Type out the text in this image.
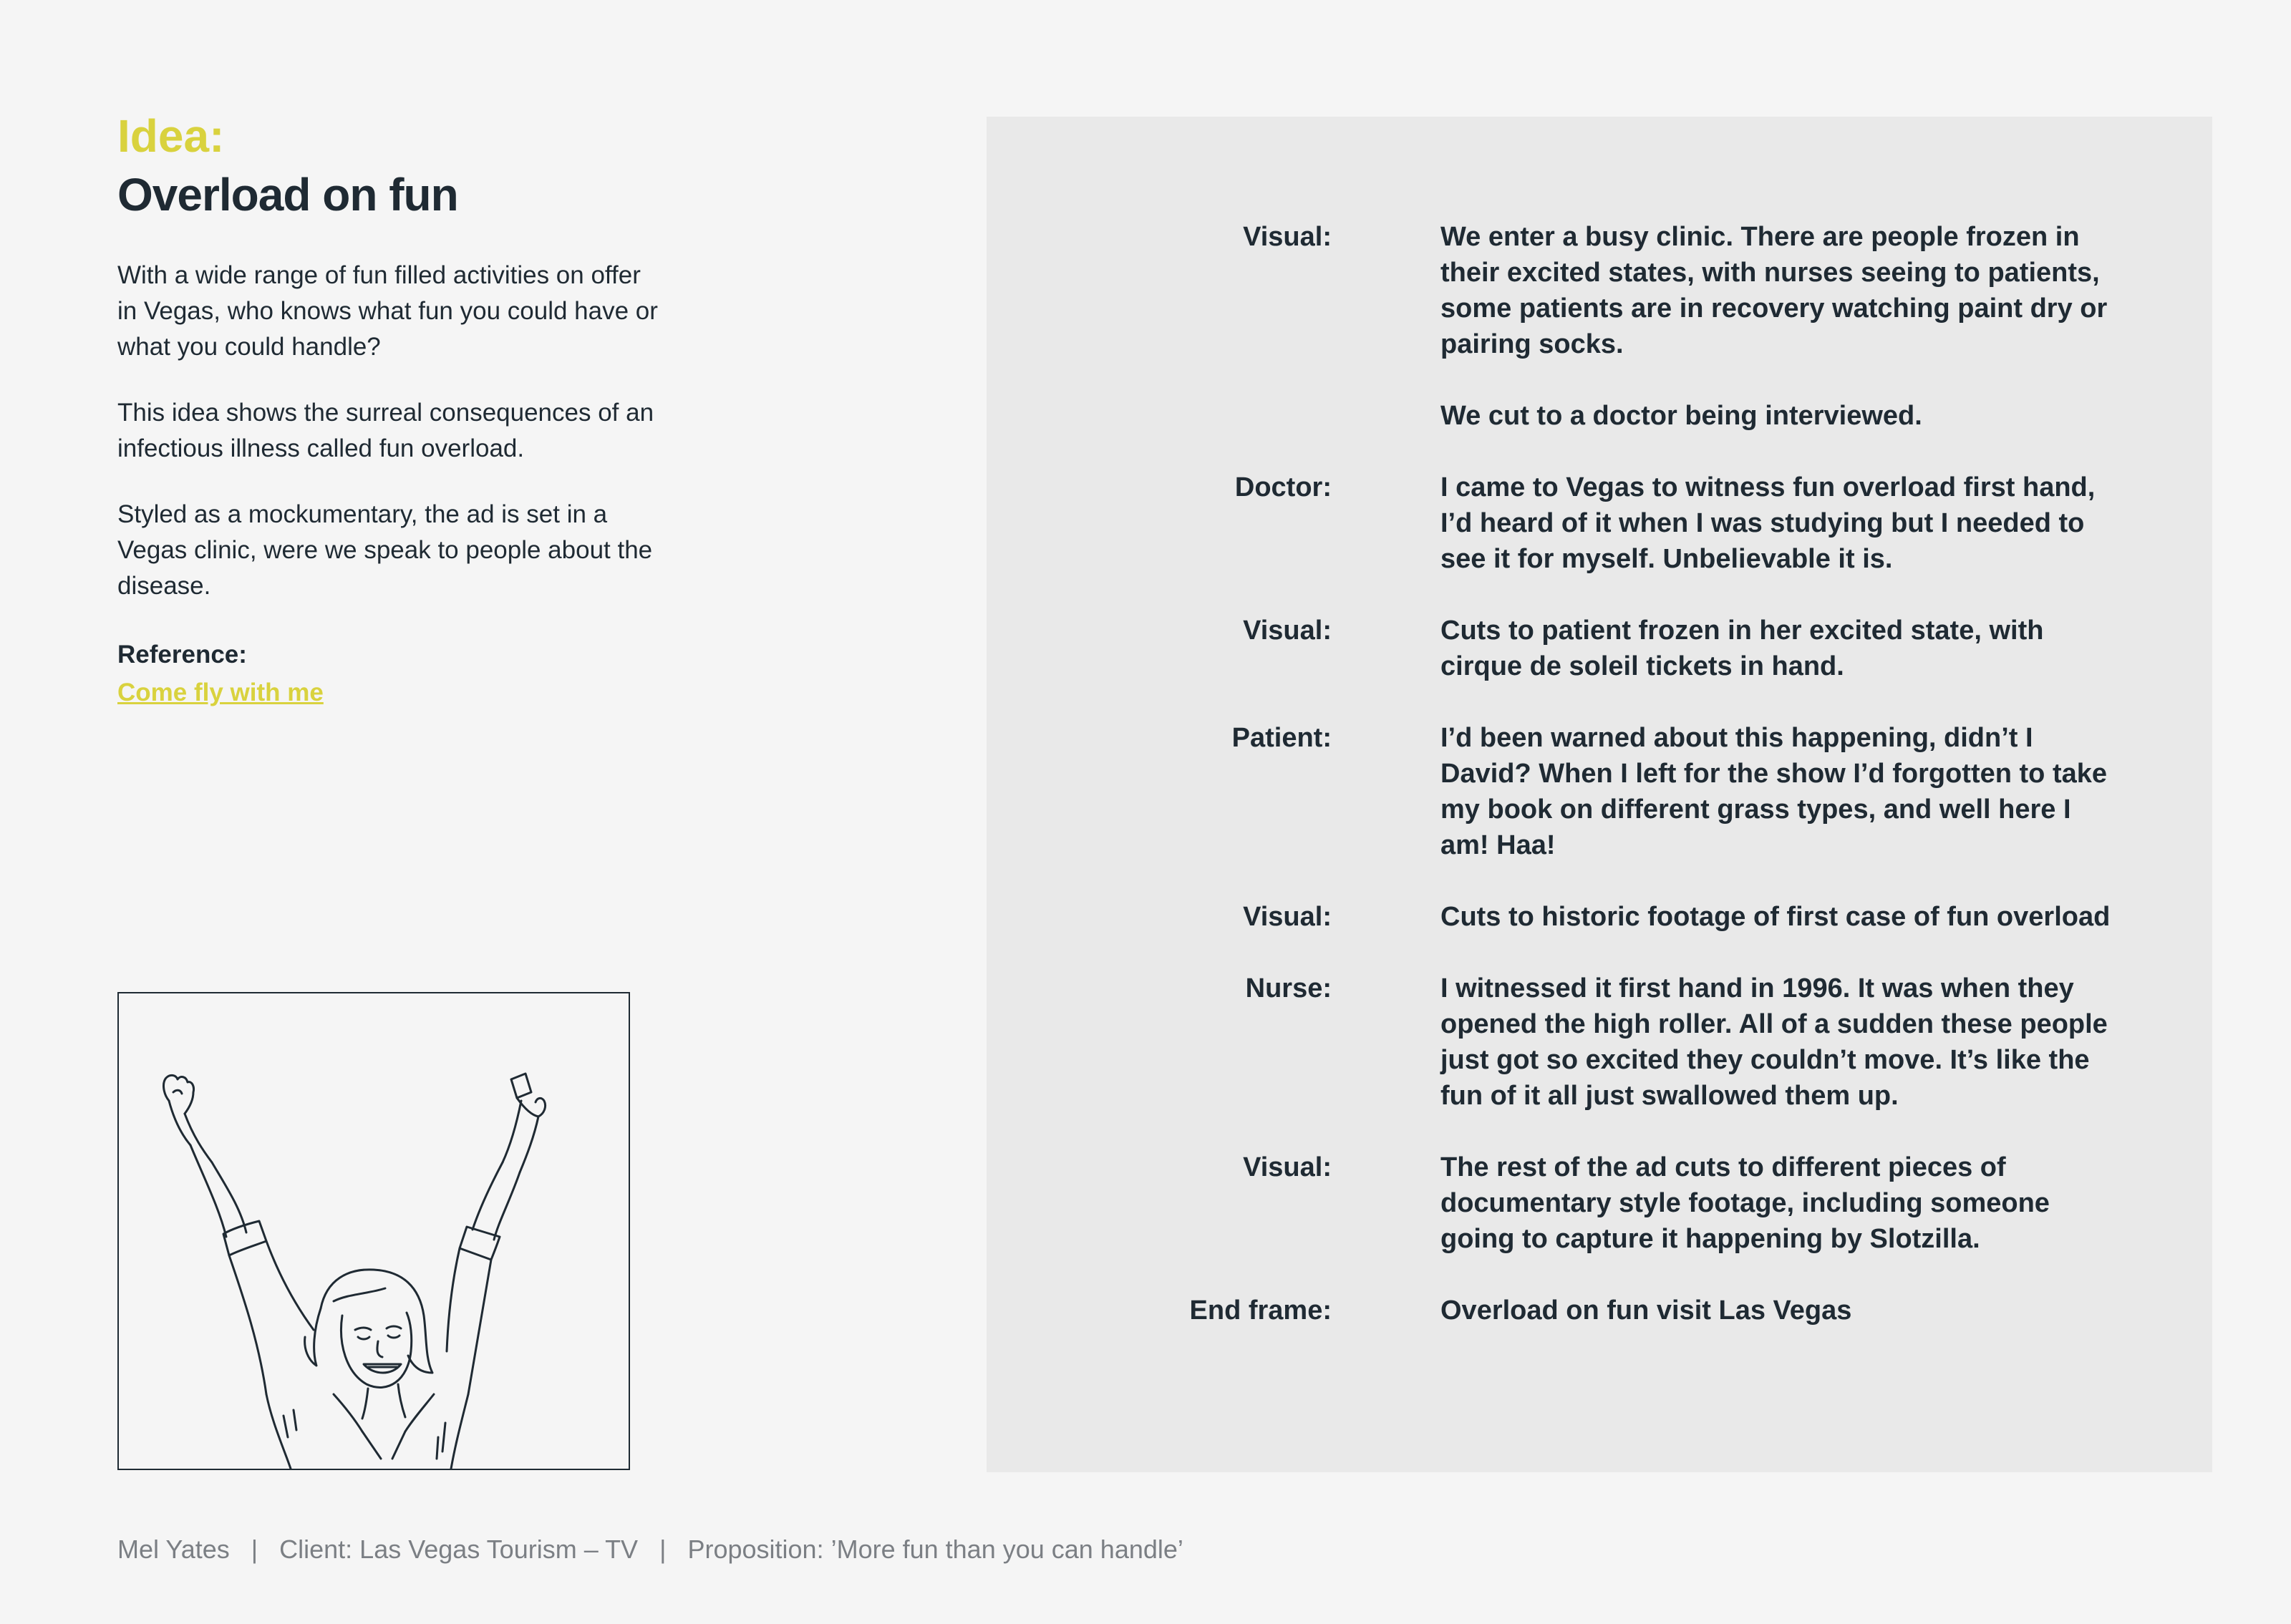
Idea:
Overload on fun
With a wide range of fun filled activities on offer in Vegas, who knows what fun you could have or what you could handle?
This idea shows the surreal consequences of an infectious illness called fun overload.
Styled as a mockumentary, the ad is set in a Vegas clinic, were we speak to people about the disease.
Reference:
Come fly with me
Visual:	We enter a busy clinic. There are people frozen in their excited states, with nurses seeing to patients, some patients are in recovery watching paint dry or pairing socks.
We cut to a doctor being interviewed.
Doctor:	I came to Vegas to witness fun overload first hand, I’d heard of it when I was studying but I needed to see it for myself. Unbelievable it is.
Visual:	Cuts to patient frozen in her excited state, with cirque de soleil tickets in hand.
Patient:	I’d been warned about this happening, didn’t I David? When I left for the show I’d forgotten to take my book on different grass types, and well here I am! Haa!
Visual:	Cuts to historic footage of first case of fun overload
Nurse:	I witnessed it first hand in 1996. It was when they opened the high roller. All of a sudden these people just got so excited they couldn’t move. It’s like the fun of it all just swallowed them up.
Visual:	The rest of the ad cuts to different pieces of documentary style footage, including someone going to capture it happening by Slotzilla.
End frame:	Overload on fun visit Las Vegas
Mel Yates | Client: Las Vegas Tourism – TV | Proposition: ’More fun than you can handle’
